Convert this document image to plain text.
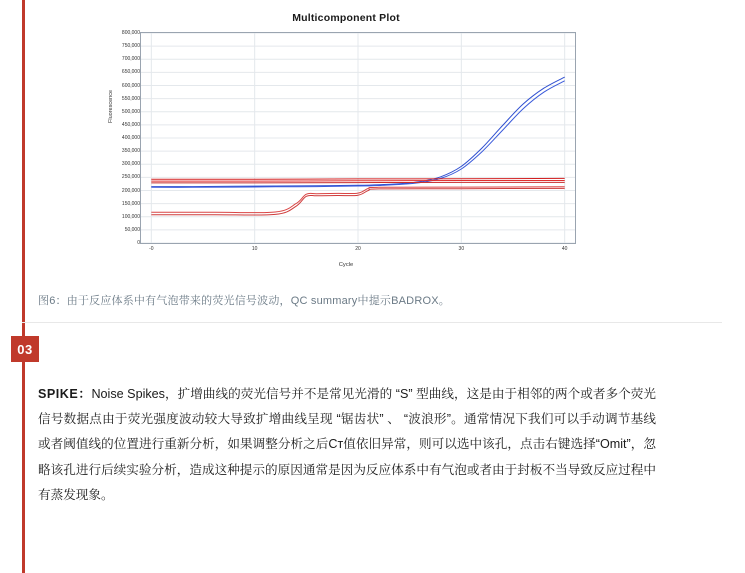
Multicomponent Plot
Fluorescence
800,000
750,000
700,000
650,000
600,000
550,000
500,000
450,000
400,000
350,000
300,000
250,000
200,000
150,000
100,000
50,000
0
-0	10	20	30	40
Cycle
图6：由于反应体系中有气泡带来的荧光信号波动，QC summary中提示BADROX。
03
SPIKE：Noise Spikes，扩增曲线的荧光信号并不是常见光滑的 “S” 型曲线，这是由于相邻的两个或者多个荧光信号数据点由于荧光强度波动较大导致扩增曲线呈现 “锯齿状” 、 “波浪形”。通常情况下我们可以手动调节基线或者阈值线的位置进行重新分析，如果调整分析之后Cт值依旧异常，则可以选中该孔，点击右键选择“Omit”，忽略该孔进行后续实验分析，造成这种提示的原因通常是因为反应体系中有气泡或者由于封板不当导致反应过程中有蒸发现象。
